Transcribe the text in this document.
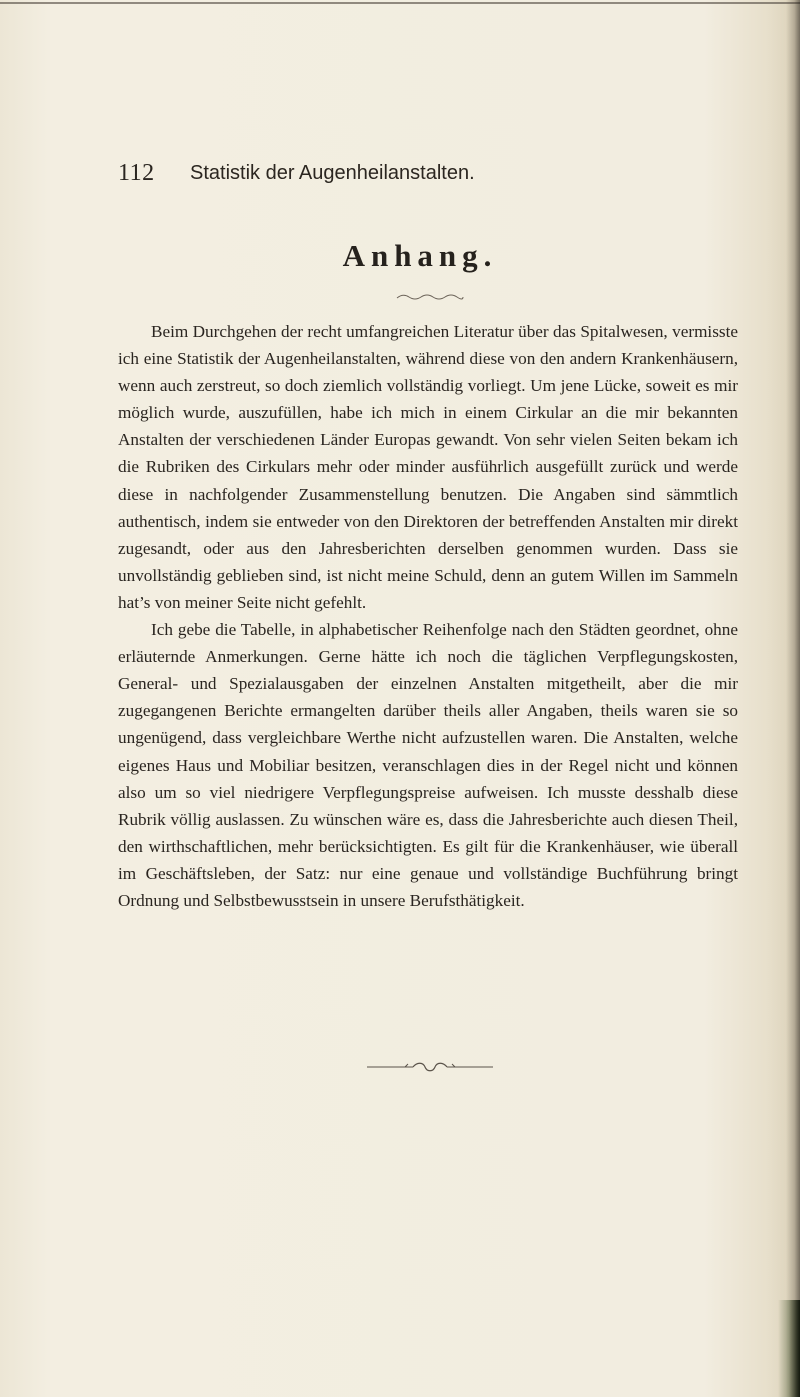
112 Statistik der Augenheilanstalten.
Anhang.

Beim Durchgehen der recht umfangreichen Literatur über das Spitalwesen, vermisste ich eine Statistik der Augenheilanstalten, während diese von den andern Krankenhäusern, wenn auch zerstreut, so doch ziemlich vollständig vorliegt. Um jene Lücke, soweit es mir möglich wurde, auszufüllen, habe ich mich in einem Cirkular an die mir bekannten Anstalten der verschiedenen Länder Europas gewandt. Von sehr vielen Seiten bekam ich die Rubriken des Cirkulars mehr oder minder ausführlich ausgefüllt zurück und werde diese in nachfolgender Zusammenstellung benutzen. Die Angaben sind sämmtlich authentisch, indem sie entweder von den Direktoren der betreffenden Anstalten mir direkt zugesandt, oder aus den Jahresberichten derselben genommen wurden. Dass sie unvollständig geblieben sind, ist nicht meine Schuld, denn an gutem Willen im Sammeln hat’s von meiner Seite nicht gefehlt.

Ich gebe die Tabelle, in alphabetischer Reihenfolge nach den Städten geordnet, ohne erläuternde Anmerkungen. Gerne hätte ich noch die täglichen Verpflegungskosten, General- und Spezialausgaben der einzelnen Anstalten mitgetheilt, aber die mir zugegangenen Berichte ermangelten darüber theils aller Angaben, theils waren sie so ungenügend, dass vergleichbare Werthe nicht aufzustellen waren. Die Anstalten, welche eigenes Haus und Mobiliar besitzen, veranschlagen dies in der Regel nicht und können also um so viel niedrigere Verpflegungspreise aufweisen. Ich musste desshalb diese Rubrik völlig auslassen. Zu wünschen wäre es, dass die Jahresberichte auch diesen Theil, den wirthschaftlichen, mehr berücksichtigten. Es gilt für die Krankenhäuser, wie überall im Geschäftsleben, der Satz: nur eine genaue und vollständige Buchführung bringt Ordnung und Selbstbewusstsein in unsere Berufsthätigkeit.
